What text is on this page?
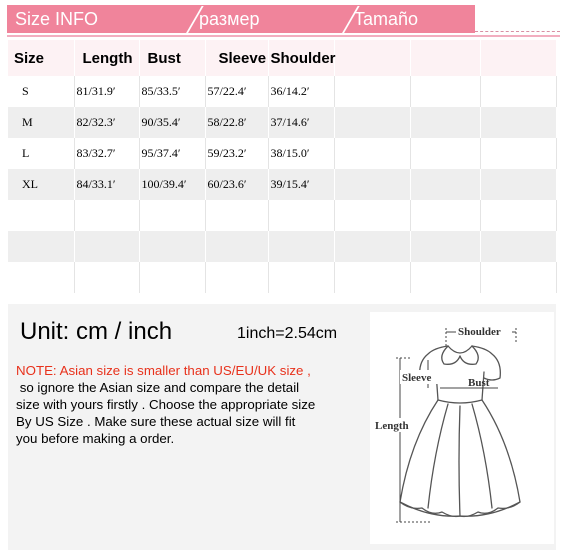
Size INFO	размер	Tamaño
Size	Length	Bust	Sleeve	Shoulder			
S	81/31.9′	85/33.5′	57/22.4′	36/14.2′			
M	82/32.3′	90/35.4′	58/22.8′	37/14.6′			
L	83/32.7′	95/37.4′	59/23.2′	38/15.0′			
XL	84/33.1′	100/39.4′	60/23.6′	39/15.4′			

Unit: cm / inch	1inch=2.54cm
NOTE: Asian size is smaller than US/EU/UK size ,
so ignore the Asian size and compare the detail
size with yours firstly . Choose the appropriate size
By US Size . Make sure these actual size will fit
you before making a order.
Shoulder
Sleeve	Bust
Length
